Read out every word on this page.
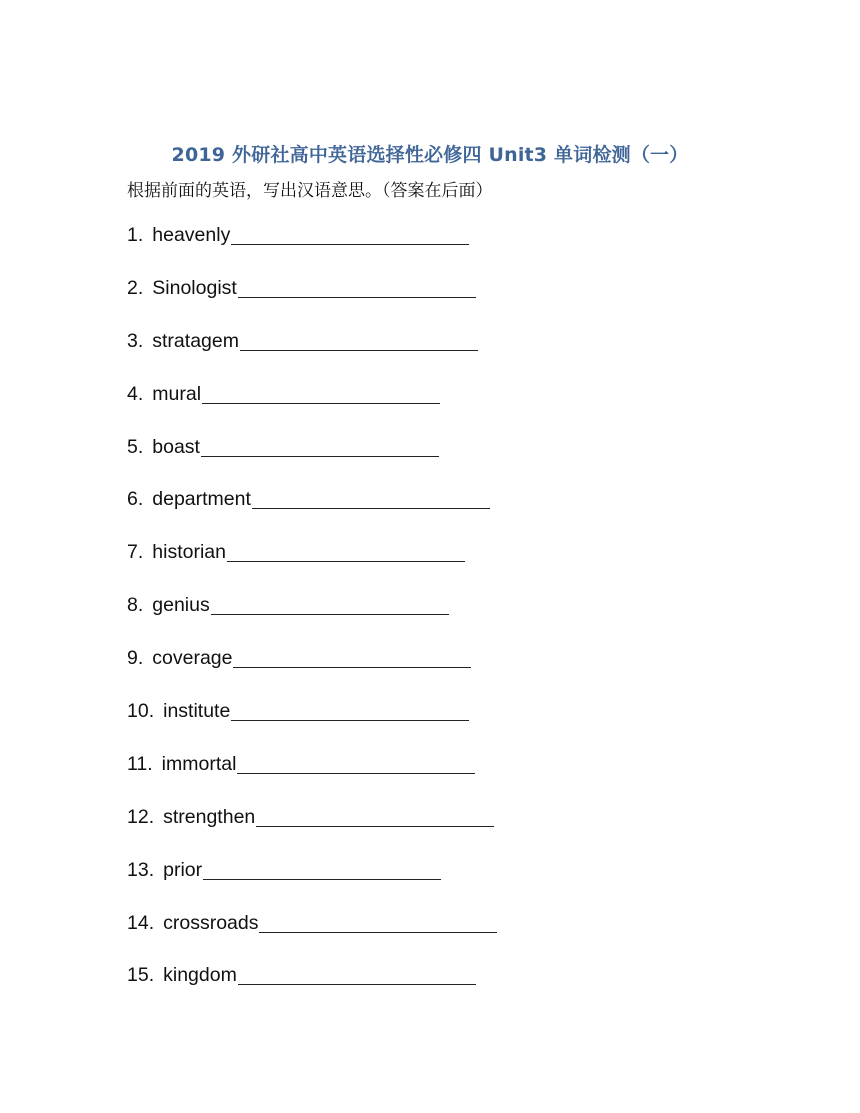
2019 外研社高中英语选择性必修四 Unit3 单词检测（一）
根据前面的英语，写出汉语意思。（答案在后面）
1. heavenly
2. Sinologist
3. stratagem
4. mural
5. boast
6. department
7. historian
8. genius
9. coverage
10. institute
11. immortal
12. strengthen
13. prior
14. crossroads
15. kingdom
